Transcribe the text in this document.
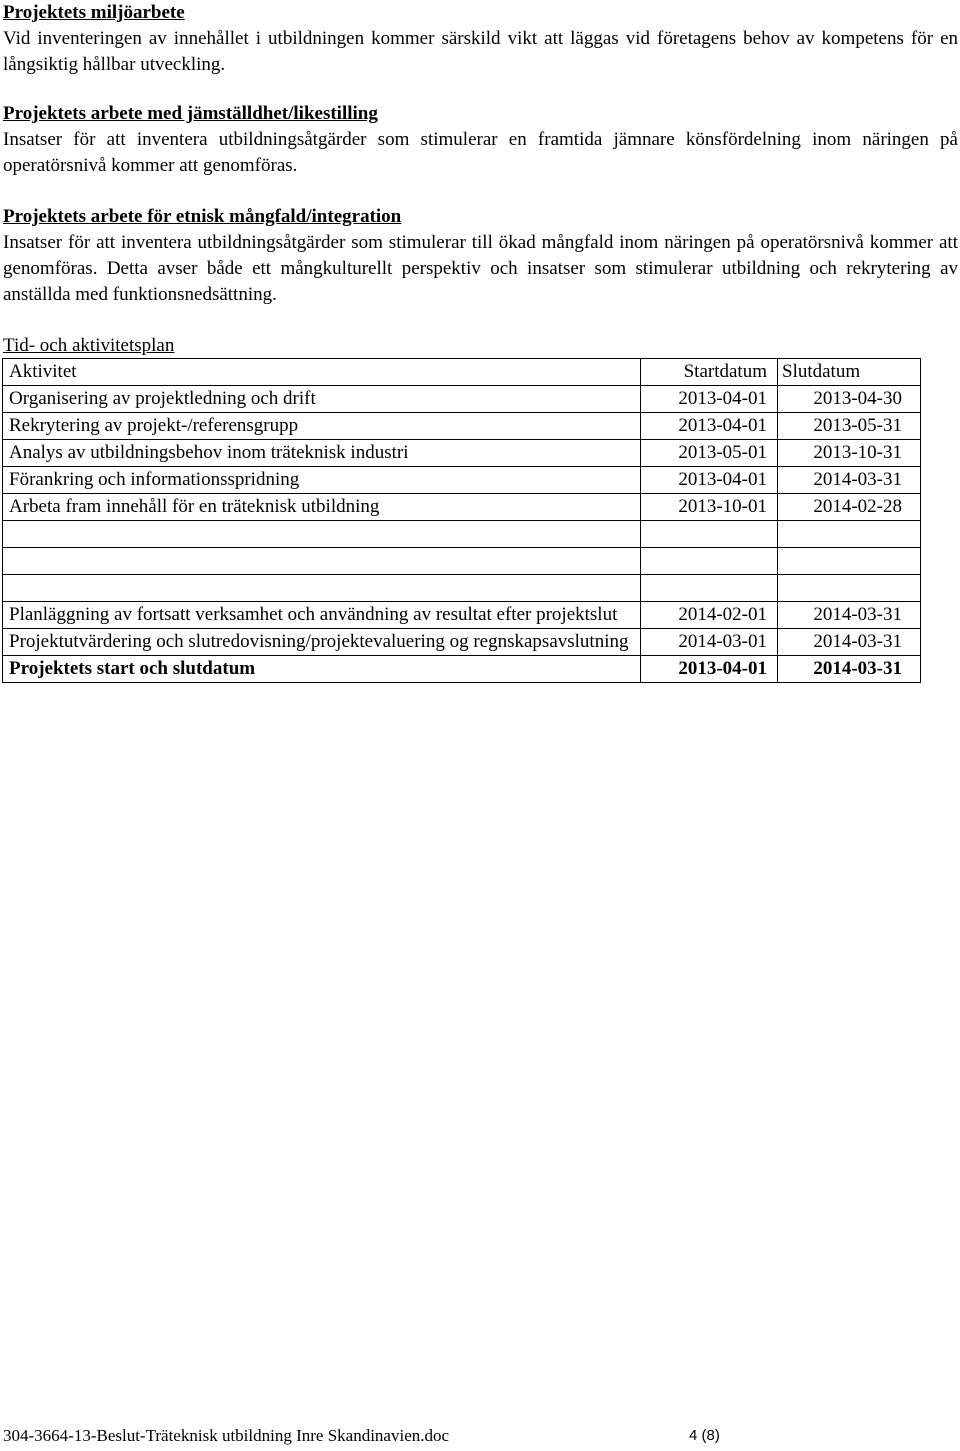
Projektets miljöarbete

Vid inventeringen av innehållet i utbildningen kommer särskild vikt att läggas vid företagens behov av kompetens för en långsiktig hållbar utveckling.

Projektets arbete med jämställdhet/likestilling

Insatser för att inventera utbildningsåtgärder som stimulerar en framtida jämnare könsfördelning inom näringen på operatörsnivå kommer att genomföras.

Projektets arbete för etnisk mångfald/integration

Insatser för att inventera utbildningsåtgärder som stimulerar till ökad mångfald inom näringen på operatörsnivå kommer att genomföras. Detta avser både ett mångkulturellt perspektiv och insatser som stimulerar utbildning och rekrytering av anställda med funktionsnedsättning.

Tid- och aktivitetsplan

Aktivitet	Startdatum	Slutdatum
Organisering av projektledning och drift	2013-04-01	2013-04-30
Rekrytering av projekt-/referensgrupp	2013-04-01	2013-05-31
Analys av utbildningsbehov inom träteknisk industri	2013-05-01	2013-10-31
Förankring och informationsspridning	2013-04-01	2014-03-31
Arbeta fram innehåll för en träteknisk utbildning	2013-10-01	2014-02-28

Planläggning av fortsatt verksamhet och användning av resultat efter projektslut	2014-02-01	2014-03-31
Projektutvärdering och slutredovisning/projektevaluering og regnskapsavslutning	2014-03-01	2014-03-31
Projektets start och slutdatum	2013-04-01	2014-03-31
304-3664-13-Beslut-Träteknisk utbildning Inre Skandinavien.doc	4 (8)
